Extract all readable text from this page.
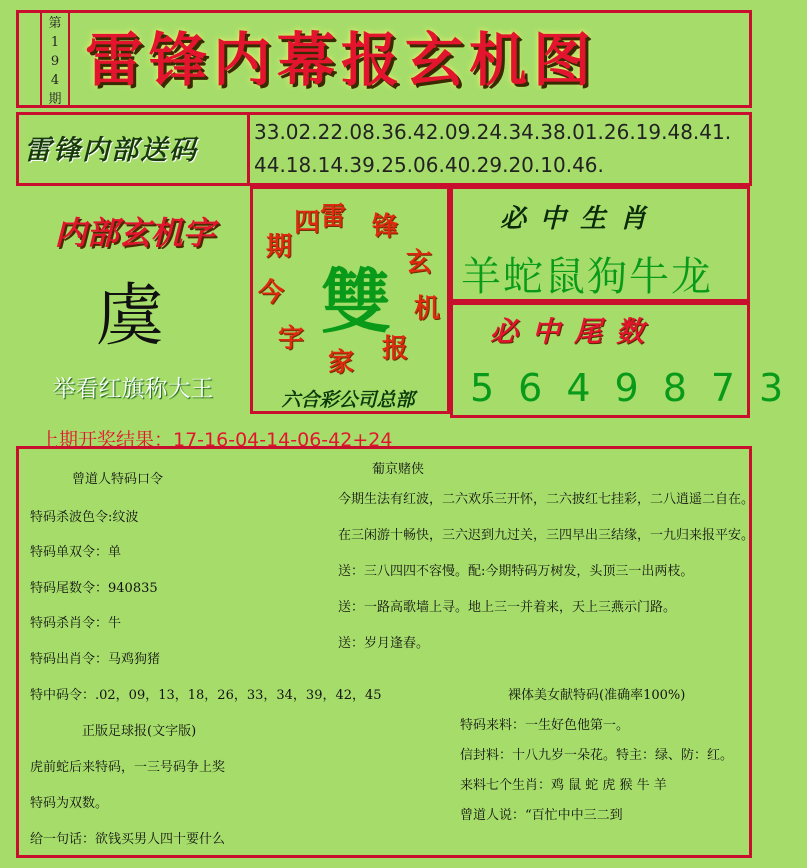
第
1
9
4
期
雷锋内幕报玄机图
雷锋内部送码
33.02.22.08.36.42.09.24.34.38.01.26.19.48.41.
44.18.14.39.25.06.40.29.20.10.46.
内部玄机字
虞
举看红旗称大王
雷 锋
玄
机
报
家
字
今
期
四
雙
六合彩公司总部
必中生肖
羊蛇鼠狗牛龙
必中尾数
5649873
上期开奖结果：17-16-04-14-06-42+24
曾道人特码口令
特码杀波色令:纹波
特码单双令：单
特码尾数令：940835
特码杀肖令：牛
特码出肖令：马鸡狗猪
特中码令：.02，09，13，18，26，33，34，39，42，45
正版足球报(文字版)
虎前蛇后来特码，一三号码争上奖
特码为双数。
给一句话：欲钱买男人四十要什么
葡京赌侠
今期生法有红波，二六欢乐三开怀，二六披红七挂彩，二八逍遥二自在。
在三闲游十畅快，三六迟到九过关，三四早出三结缘，一九归来报平安。
送：三八四四不容慢。配:今期特码万树发，头顶三一出两枝。
送：一路高歌墙上寻。地上三一并着来，天上三燕示门路。
送：岁月逢春。
裸体美女献特码(准确率100%)
特码来料：一生好色他第一。
信封料：十八九岁一朵花。特主：绿、防：红。
来料七个生肖：鸡 鼠 蛇 虎 猴 牛 羊
曾道人说：“百忙中中三二到
